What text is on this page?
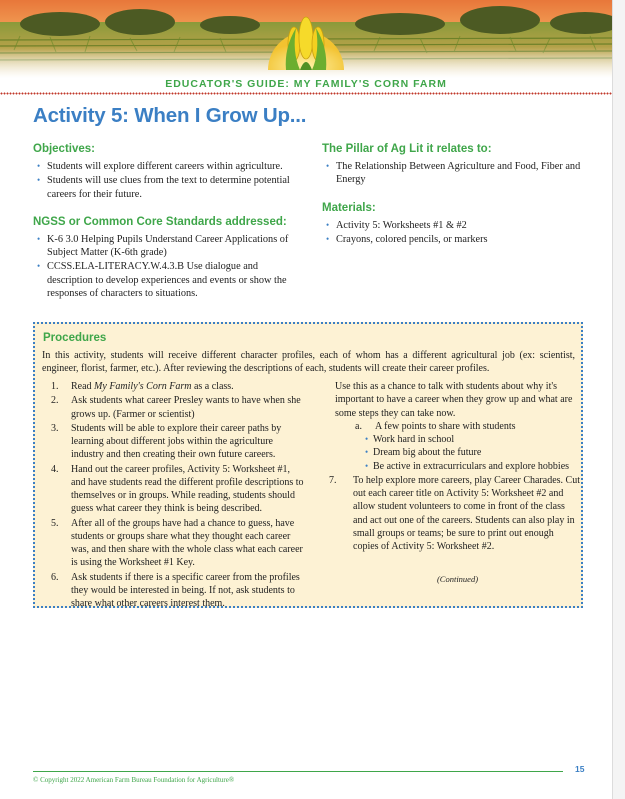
EDUCATOR'S GUIDE: MY FAMILY'S CORN FARM
Activity 5: When I Grow Up...

Objectives:

• Students will explore different careers within agriculture.
• Students will use clues from the text to determine potential careers for their future.

NGSS or Common Core Standards addressed:

• K-6 3.0 Helping Pupils Understand Career Applications of Subject Matter (K-6th grade)
• CCSS.ELA-LITERACY.W.4.3.B Use dialogue and description to develop experiences and events or show the responses of characters to situations.

The Pillar of Ag Lit it relates to:

• The Relationship Between Agriculture and Food, Fiber and Energy

Materials:

• Activity 5: Worksheets #1 & #2
• Crayons, colored pencils, or markers
Procedures
In this activity, students will receive different character profiles, each of whom has a different agricultural job (ex: scientist, engineer, florist, farmer, etc.). After reviewing the descriptions of each, students will create their career profiles.
1. Read My Family's Corn Farm as a class.
2. Ask students what career Presley wants to have when she grows up. (Farmer or scientist)
3. Students will be able to explore their career paths by learning about different jobs within the agriculture industry and then creating their own future careers.
4. Hand out the career profiles, Activity 5: Worksheet #1, and have students read the different profile descriptions to themselves or in groups. While reading, students should guess what career they think is being described.
5. After all of the groups have had a chance to guess, have students or groups share what they thought each career was, and then share with the whole class what each career is using the Worksheet #1 Key.
6. Ask students if there is a specific career from the profiles they would be interested in being. If not, ask students to share what other careers interest them.
Use this as a chance to talk with students about why it's important to have a career when they grow up and what are some steps they can take now.
a. A few points to share with students
• Work hard in school
• Dream big about the future
• Be active in extracurriculars and explore hobbies
7. To help explore more careers, play Career Charades. Cut out each career title on Activity 5: Worksheet #2 and allow student volunteers to come in front of the class and act out one of the careers. Students can also play in small groups or teams; be sure to print out enough copies of Activity 5: Worksheet #2.
(Continued)
© Copyright 2022 American Farm Bureau Foundation for Agriculture®
15
